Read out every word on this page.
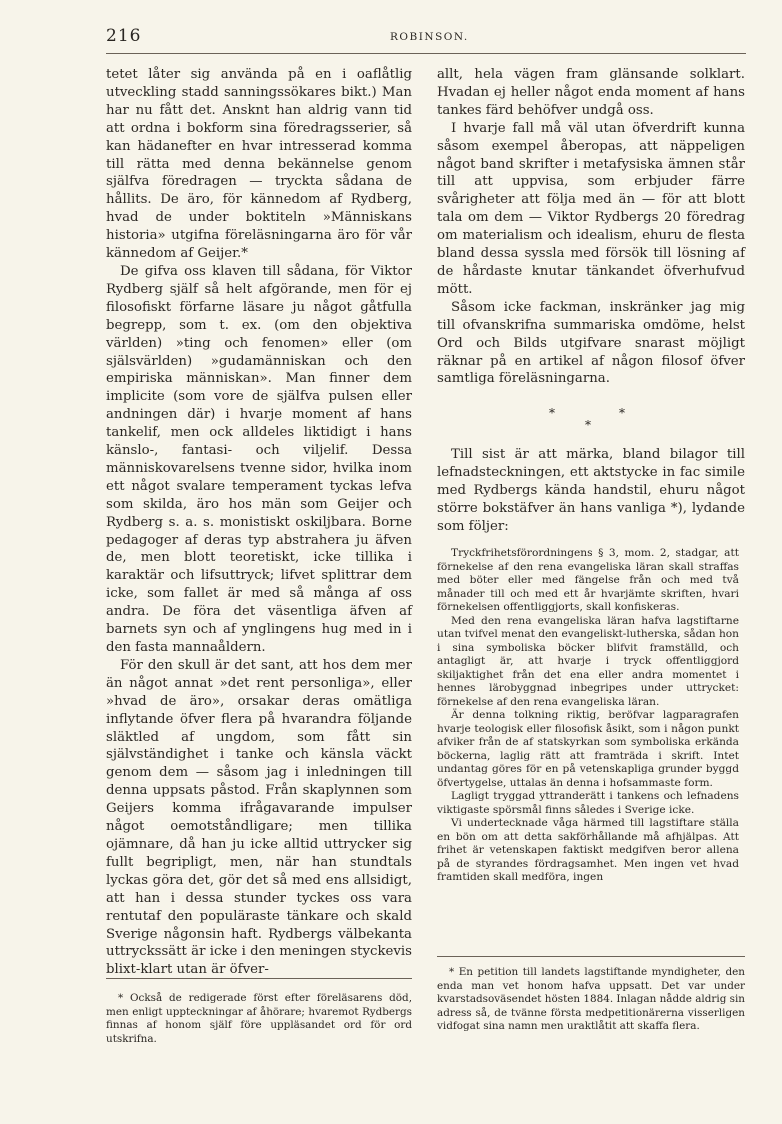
216	ROBINSON.

tetet låter sig använda på en i oaflåtlig utveckling stadd sanningssökares bikt.) Man har nu fått det. Ansknt han aldrig vann tid att ordna i bokform sina föredragsserier, så kan hädanefter en hvar intresserad komma till rätta med denna bekännelse genom själfva föredragen — tryckta sådana de hållits. De äro, för kännedom af Rydberg, hvad de under boktiteln »Människans historia» utgifna föreläsningarna äro för vår kännedom af Geijer.*

De gifva oss klaven till sådana, för Viktor Rydberg själf så helt afgörande, men för ej filosofiskt förfarne läsare ju något gåtfulla begrepp, som t. ex. (om den objektiva världen) »ting och fenomen» eller (om själsvärlden) »gudamänniskan och den empiriska människan». Man finner dem implicite (som vore de själfva pulsen eller andningen där) i hvarje moment af hans tankelif, men ock alldeles liktidigt i hans känslo-, fantasi- och viljelif. Dessa människovarelsens tvenne sidor, hvilka inom ett något svalare temperament tyckas lefva som skilda, äro hos män som Geijer och Rydberg s. a. s. monistiskt oskiljbara. Borne pedagoger af deras typ abstrahera ju äfven de, men blott teoretiskt, icke tillika i karaktär och lifsuttryck; lifvet splittrar dem icke, som fallet är med så många af oss andra. De föra det väsentliga äfven af barnets syn och af ynglingens hug med in i den fasta mannaåldern.

För den skull är det sant, att hos dem mer än något annat »det rent personliga», eller »hvad de äro», orsakar deras omätliga inflytande öfver flera på hvarandra följande släktled af ungdom, som fått sin självständighet i tanke och känsla väckt genom dem — såsom jag i inledningen till denna uppsats påstod. Från skaplynnen som Geijers komma ifrågavarande impulser något oemotståndligare; men tillika ojämnare, då han ju icke alltid uttrycker sig fullt begripligt, men, när han stundtals lyckas göra det, gör det så med ens allsidigt, att han i dessa stunder tyckes oss vara rentutaf den populäraste tänkare och skald Sverige någonsin haft. Rydbergs välbekanta uttryckssätt är icke i den meningen styckevis blixt-klart utan är öfver-

* Också de redigerade först efter föreläsarens död, men enligt uppteckningar af åhörare; hvaremot Rydbergs finnas af honom själf före uppläsandet ord för ord utskrifna.

allt, hela vägen fram glänsande solklart. Hvadan ej heller något enda moment af hans tankes färd behöfver undgå oss.

I hvarje fall må väl utan öfverdrift kunna såsom exempel åberopas, att näppeligen något band skrifter i metafysiska ämnen står till att uppvisa, som erbjuder färre svårigheter att följa med än — för att blott tala om dem — Viktor Rydbergs 20 föredrag om materialism och idealism, ehuru de flesta bland dessa syssla med försök till lösning af de hårdaste knutar tänkandet öfverhufvud mött.

Såsom icke fackman, inskränker jag mig till ofvanskrifna summariska omdöme, helst Ord och Bilds utgifvare snarast möjligt räknar på en artikel af någon filosof öfver samtliga föreläsningarna.

*
*
*

Till sist är att märka, bland bilagor till lefnadsteckningen, ett aktstycke in fac simile med Rydbergs kända handstil, ehuru något större bokstäfver än hans vanliga *), lydande som följer:

Tryckfrihetsförordningens § 3, mom. 2, stadgar, att förnekelse af den rena evangeliska läran skall straffas med böter eller med fängelse från och med två månader till och med ett år hvarjämte skriften, hvari förnekelsen offentliggjorts, skall konfiskeras.

Med den rena evangeliska läran hafva lagstiftarne utan tvifvel menat den evangeliskt-lutherska, sådan hon i sina symboliska böcker blifvit framställd, och antagligt är, att hvarje i tryck offentliggjord skiljaktighet från det ena eller andra momentet i hennes lärobyggnad inbegripes under uttrycket: förnekelse af den rena evangeliska läran.

Är denna tolkning riktig, beröfvar lagparagrafen hvarje teologisk eller filosofisk åsikt, som i någon punkt afviker från de af statskyrkan som symboliska erkända böckerna, laglig rätt att framträda i skrift. Intet undantag göres för en på vetenskapliga grunder byggd öfvertygelse, uttalas än denna i hofsammaste form.

Lagligt tryggad yttranderätt i tankens och lefnadens viktigaste spörsmål finns således i Sverige icke.

Vi undertecknade våga härmed till lagstiftare ställa en bön om att detta sakförhållande må afhjälpas. Att frihet är vetenskapen faktiskt medgifven beror allena på de styrandes fördragsamhet. Men ingen vet hvad framtiden skall medföra, ingen

* En petition till landets lagstiftande myndigheter, den enda man vet honom hafva uppsatt. Det var under kvarstadsoväsendet hösten 1884. Inlagan nådde aldrig sin adress så, de tvänne första medpetitionärerna visserligen vidfogat sina namn men uraktlåtit att skaffa flera.
